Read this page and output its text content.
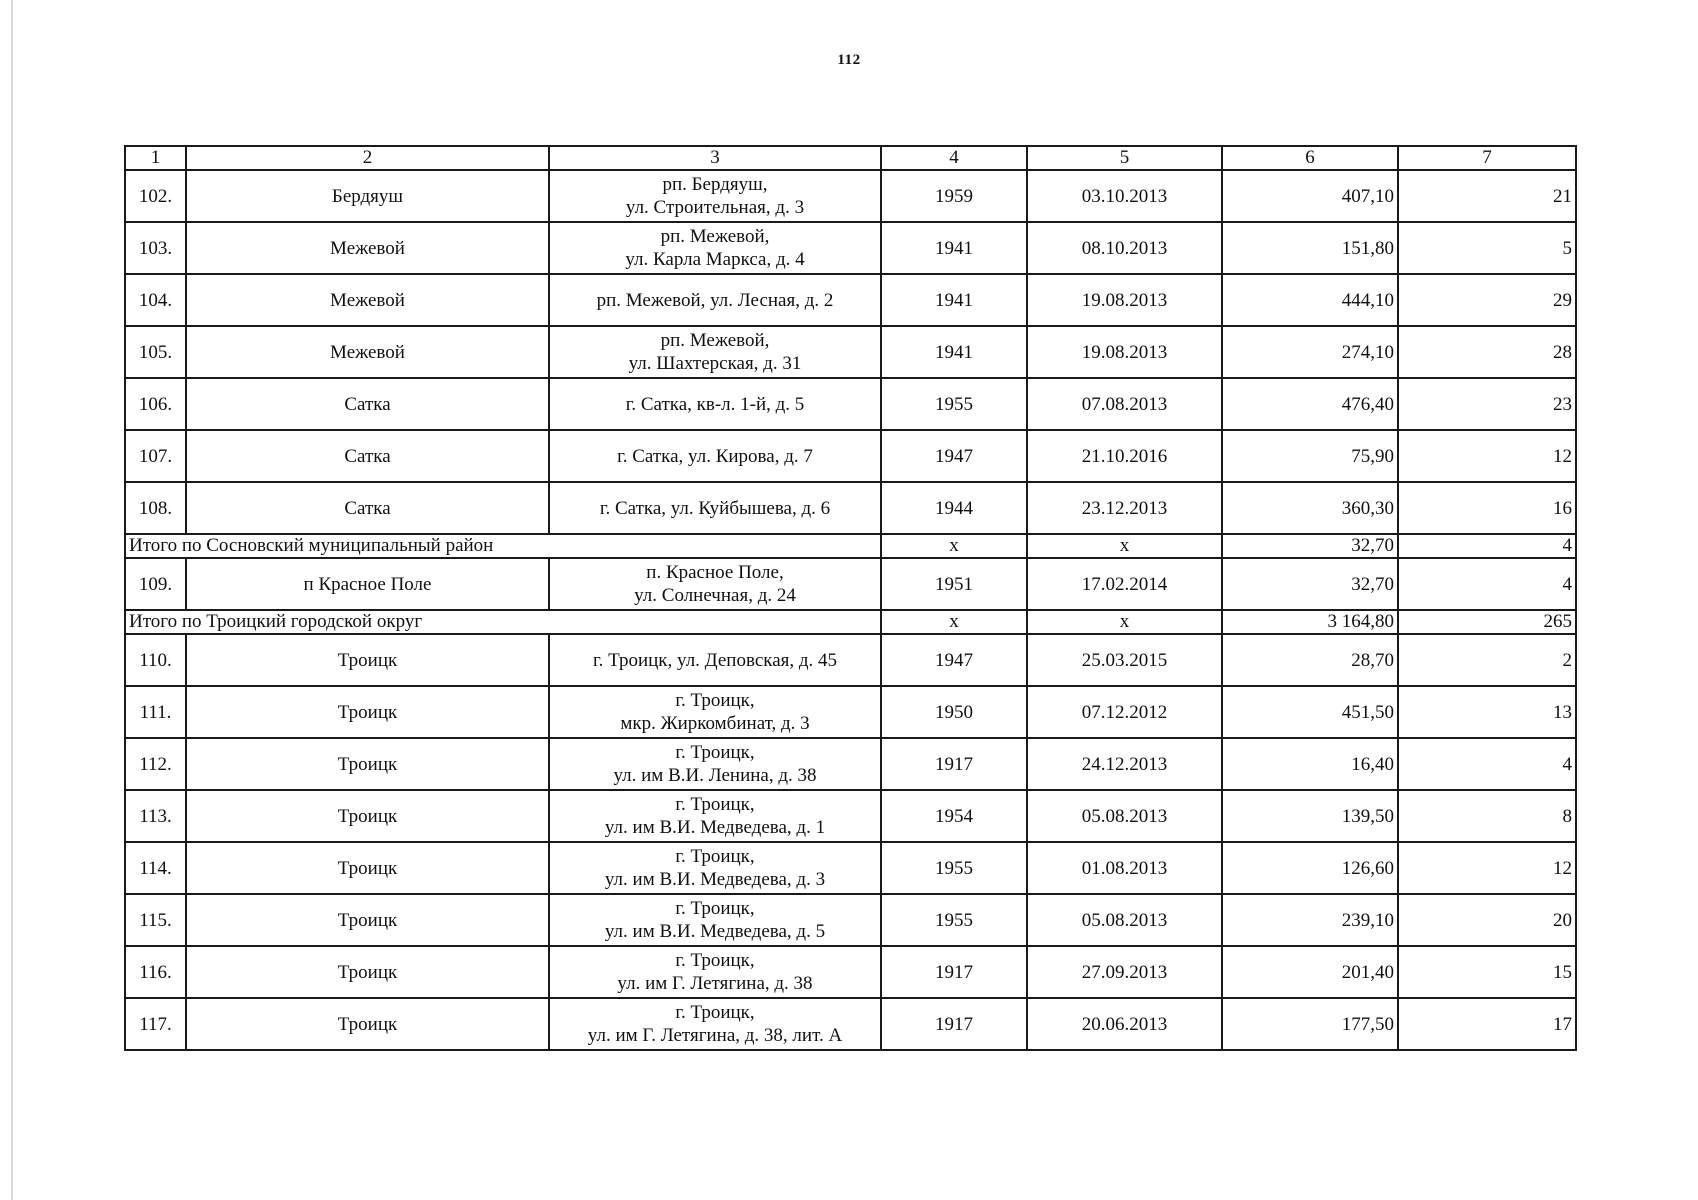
112
1	2	3	4	5	6	7
102.	Бердяуш	рп. Бердяуш,
ул. Строительная, д. 3	1959	03.10.2013	407,10	21
103.	Межевой	рп. Межевой,
ул. Карла Маркса, д. 4	1941	08.10.2013	151,80	5
104.	Межевой	рп. Межевой, ул. Лесная, д. 2	1941	19.08.2013	444,10	29
105.	Межевой	рп. Межевой,
ул. Шахтерская, д. 31	1941	19.08.2013	274,10	28
106.	Сатка	г. Сатка, кв-л. 1-й, д. 5	1955	07.08.2013	476,40	23
107.	Сатка	г. Сатка, ул. Кирова, д. 7	1947	21.10.2016	75,90	12
108.	Сатка	г. Сатка, ул. Куйбышева, д. 6	1944	23.12.2013	360,30	16
Итого по Сосновский муниципальный район			x	x	32,70	4
109.	п Красное Поле	п. Красное Поле,
ул. Солнечная, д. 24	1951	17.02.2014	32,70	4
Итого по Троицкий городской округ			x	x	3 164,80	265
110.	Троицк	г. Троицк, ул. Деповская, д. 45	1947	25.03.2015	28,70	2
111.	Троицк	г. Троицк,
мкр. Жиркомбинат, д. 3	1950	07.12.2012	451,50	13
112.	Троицк	г. Троицк,
ул. им В.И. Ленина, д. 38	1917	24.12.2013	16,40	4
113.	Троицк	г. Троицк,
ул. им В.И. Медведева, д. 1	1954	05.08.2013	139,50	8
114.	Троицк	г. Троицк,
ул. им В.И. Медведева, д. 3	1955	01.08.2013	126,60	12
115.	Троицк	г. Троицк,
ул. им В.И. Медведева, д. 5	1955	05.08.2013	239,10	20
116.	Троицк	г. Троицк,
ул. им Г. Летягина, д. 38	1917	27.09.2013	201,40	15
117.	Троицк	г. Троицк,
ул. им Г. Летягина, д. 38, лит. А	1917	20.06.2013	177,50	17
